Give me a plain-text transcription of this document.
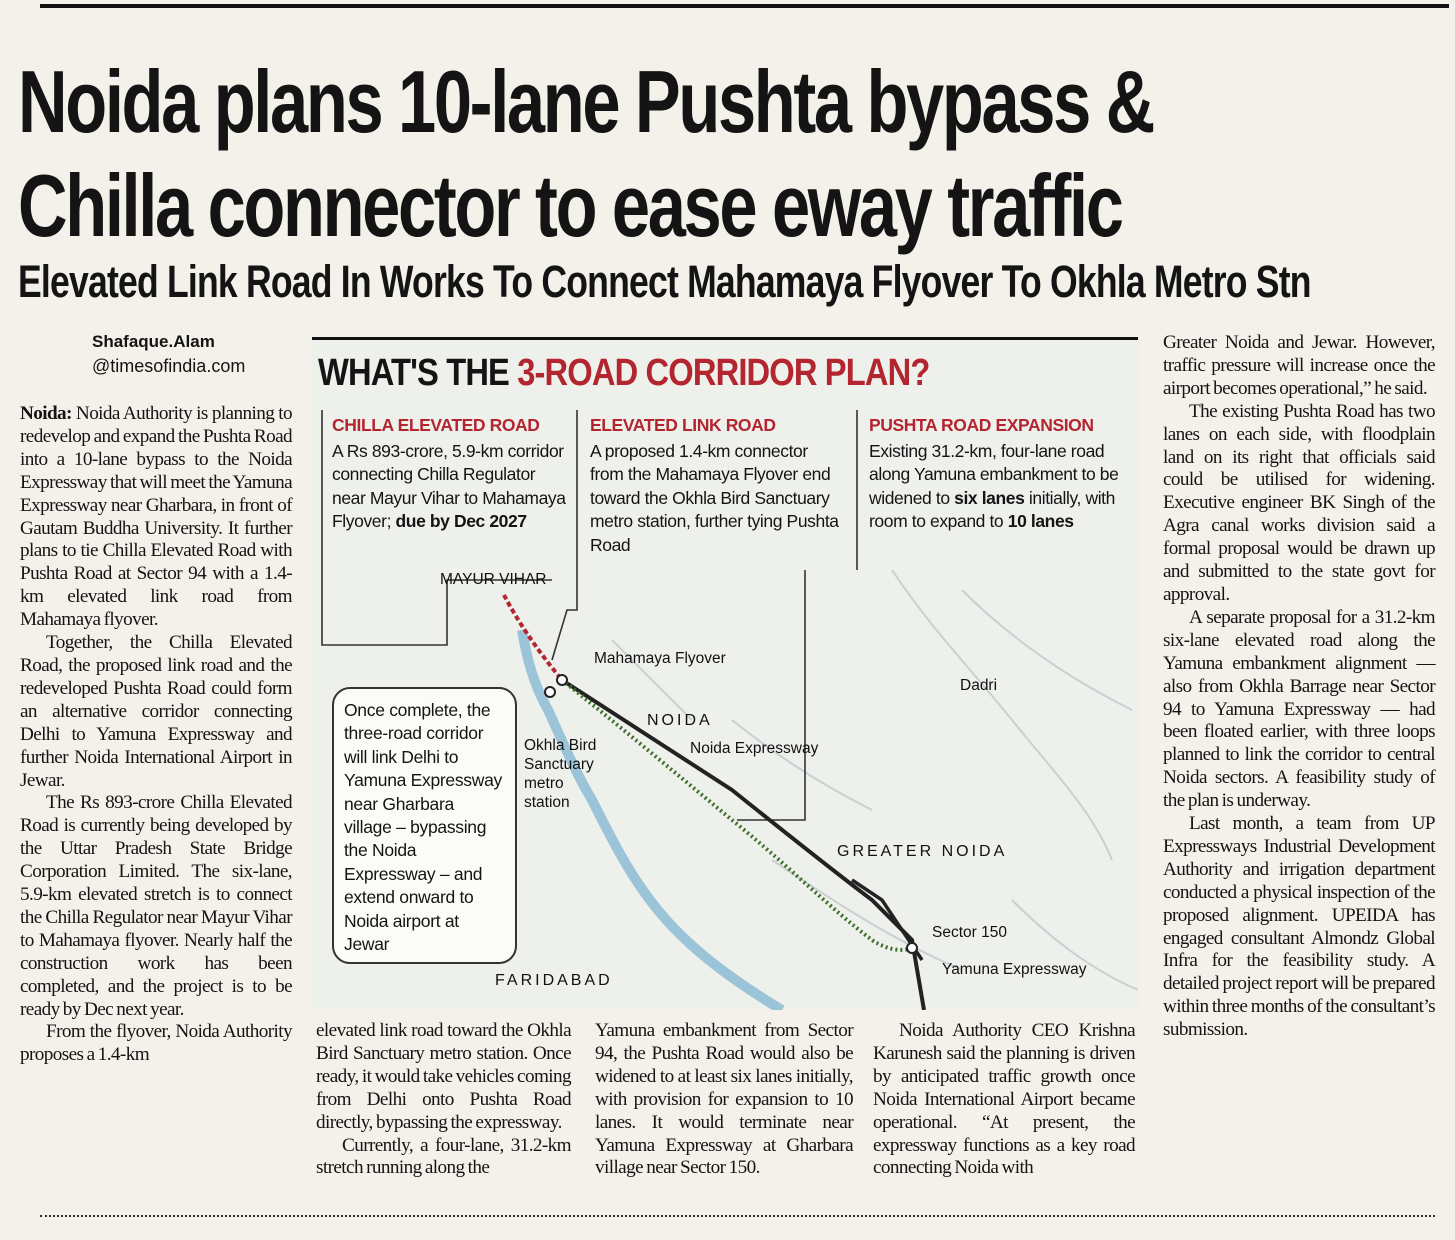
Noida plans 10-lane Pushta bypass &
Chilla connector to ease eway traffic
Elevated Link Road In Works To Connect Mahamaya Flyover To Okhla Metro Stn
Shafaque.Alam
@timesofindia.com

Noida: Noida Authority is planning to redevelop and expand the Pushta Road into a 10-lane bypass to the Noida Expressway that will meet the Yamuna Expressway near Gharbara, in front of Gautam Buddha University. It further plans to tie Chilla Elevated Road with Pushta Road at Sector 94 with a 1.4-km elevated link road from Mahamaya flyover.

Together, the Chilla Elevated Road, the proposed link road and the redeveloped Pushta Road could form an alternative corridor connecting Delhi to Yamuna Expressway and further Noida International Airport in Jewar.

The Rs 893-crore Chilla Elevated Road is currently being developed by the Uttar Pradesh State Bridge Corporation Limited. The six-lane, 5.9-km elevated stretch is to connect the Chilla Regulator near Mayur Vihar to Mahamaya flyover. Nearly half the construction work has been completed, and the project is to be ready by Dec next year.

From the flyover, Noida Authority proposes a 1.4-km

WHAT'S THE 3-ROAD CORRIDOR PLAN?
CHILLA ELEVATED ROAD
A Rs 893-crore, 5.9-km corridor connecting Chilla Regulator near Mayur Vihar to Mahamaya Flyover; due by Dec 2027
ELEVATED LINK ROAD
A proposed 1.4-km connector from the Mahamaya Flyover end toward the Okhla Bird Sanctuary metro station, further tying Pushta Road
PUSHTA ROAD EXPANSION
Existing 31.2-km, four-lane road along Yamuna embankment to be widened to six lanes initially, with room to expand to 10 lanes
Once complete, the three-road corridor will link Delhi to Yamuna Expressway near Gharbara village – bypassing the Noida Expressway – and extend onward to Noida airport at Jewar
MAYUR VIHAR
Mahamaya Flyover
NOIDA
Okhla Bird Sanctuary metro station
Noida Expressway
Dadri
GREATER NOIDA
Sector 150
Yamuna Expressway
FARIDABAD

elevated link road toward the Okhla Bird Sanctuary metro station. Once ready, it would take vehicles coming from Delhi onto Pushta Road directly, bypassing the expressway.

Currently, a four-lane, 31.2-km stretch running along the

Yamuna embankment from Sector 94, the Pushta Road would also be widened to at least six lanes initially, with provision for expansion to 10 lanes. It would terminate near Yamuna Expressway at Gharbara village near Sector 150.

Noida Authority CEO Krishna Karunesh said the planning is driven by anticipated traffic growth once Noida International Airport became operational. “At present, the expressway functions as a key road connecting Noida with

Greater Noida and Jewar. However, traffic pressure will increase once the airport becomes operational,” he said.

The existing Pushta Road has two lanes on each side, with floodplain land on its right that officials said could be utilised for widening. Executive engineer BK Singh of the Agra canal works division said a formal proposal would be drawn up and submitted to the state govt for approval.

A separate proposal for a 31.2-km six-lane elevated road along the Yamuna embankment alignment — also from Okhla Barrage near Sector 94 to Yamuna Expressway — had been floated earlier, with three loops planned to link the corridor to central Noida sectors. A feasibility study of the plan is underway.

Last month, a team from UP Expressways Industrial Development Authority and irrigation department conducted a physical inspection of the proposed alignment. UPEIDA has engaged consultant Almondz Global Infra for the feasibility study. A detailed project report will be prepared within three months of the consultant’s submission.
